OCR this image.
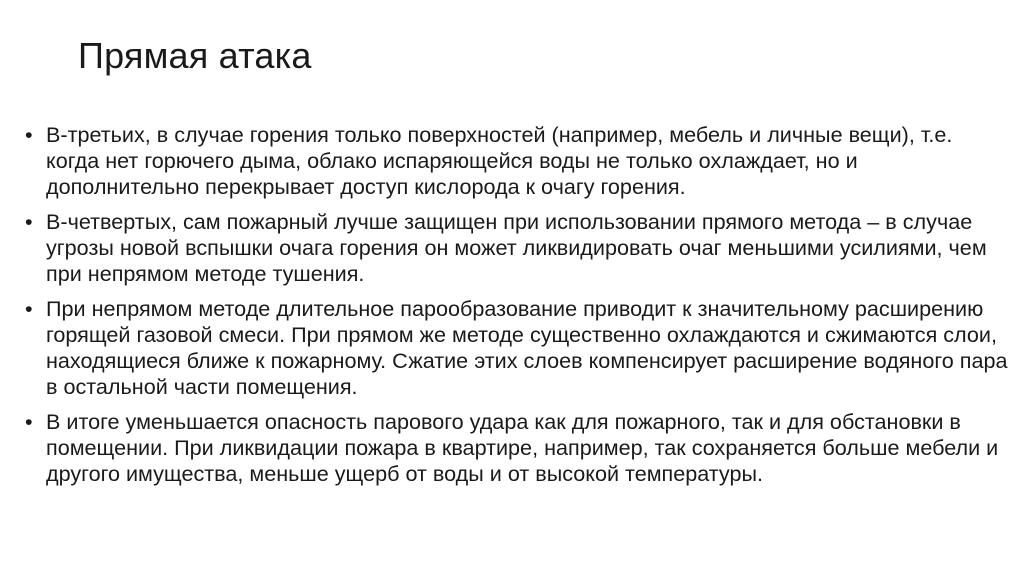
Прямая атака
• В-третьих, в случае горения только поверхностей (например, мебель и личные вещи), т.е. когда нет горючего дыма, облако испаряющейся воды не только охлаждает, но и дополнительно перекрывает доступ кислорода к очагу горения.
• В-четвертых, сам пожарный лучше защищен при использовании прямого метода – в случае угрозы новой вспышки очага горения он может ликвидировать очаг меньшими усилиями, чем при непрямом методе тушения.
• При непрямом методе длительное парообразование приводит к значительному расширению горящей газовой смеси. При прямом же методе существенно охлаждаются и сжимаются слои, находящиеся ближе к пожарному. Сжатие этих слоев компенсирует расширение водяного пара в остальной части помещения.
• В итоге уменьшается опасность парового удара как для пожарного, так и для обстановки в помещении. При ликвидации пожара в квартире, например, так сохраняется больше мебели и другого имущества, меньше ущерб от воды и от высокой температуры.
